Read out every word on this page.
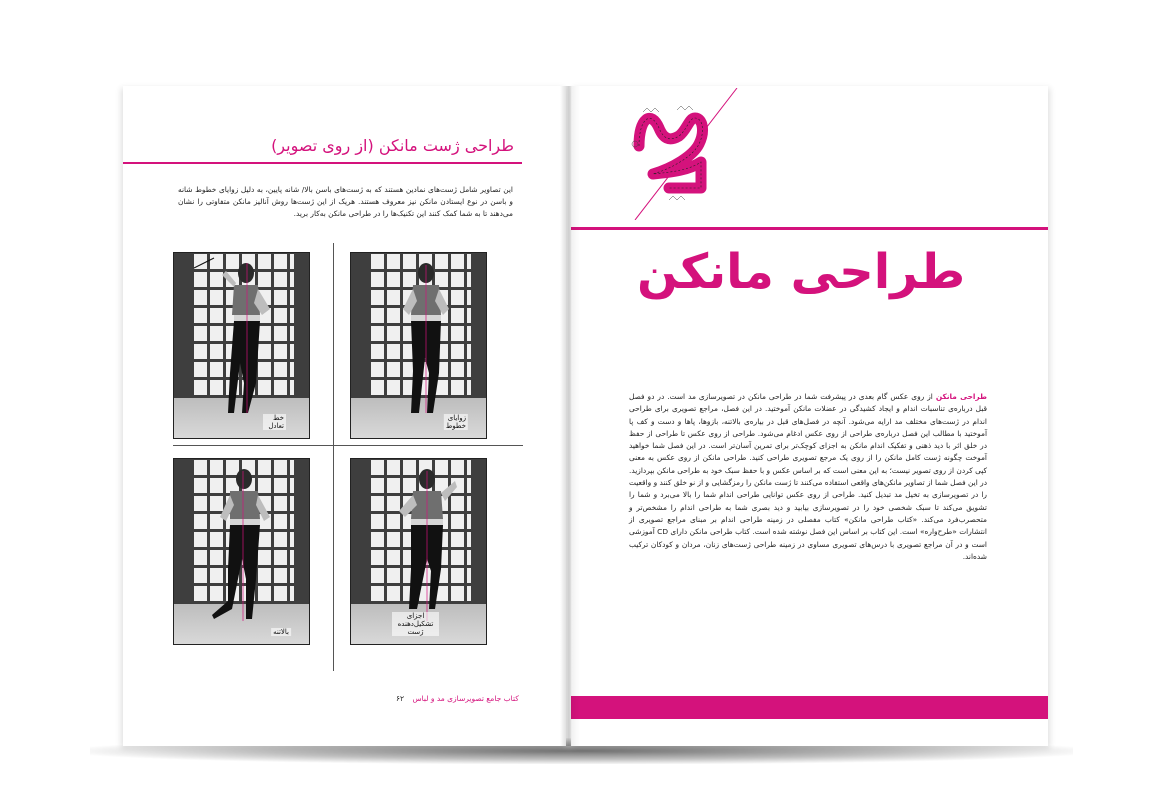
طراحی ژست مانکن (از روی تصویر)
این تصاویر شامل ژست‌های نمادین هستند که به ژست‌های باسن بالا/ شانه پایین، به دلیل زوایای خطوط شانه و باسن در نوع ایستادن مانکن نیز معروف هستند. هریک از این ژست‌ها روش آنالیز مانکن متفاوتی را نشان می‌دهند تا به شما کمک کنند این تکنیک‌ها را در طراحی مانکن به‌کار برید.
خط تعادل
زوایای خطوط
بالاتنه
اجزای تشکیل‌دهنده ژست
کتاب جامع تصویرسازی مد و لباس ۶۲
طراحی مانکن
طراحی مانکن از روی عکس گام بعدی در پیشرفت شما در طراحی مانکن در تصویرسازی مد است. در دو فصل قبل درباره‌ی تناسبات اندام و ایجاد کشیدگی در عضلات مانکن آموختید. در این فصل، مراجع تصویری برای طراحی اندام در ژست‌های مختلف مد ارایه می‌شود. آنچه در فصل‌های قبل در بیاره‌ی بالاتنه، بازوها، پاها و دست و کف پا آموختید با مطالب این فصل درباره‌ی طراحی از روی عکس ادغام می‌شود. طراحی از روی عکس تا طراحی از حفظ در خلق اثر با دید ذهنی و تفکیک اندام مانکن به اجزای کوچک‌تر برای تمرین آسان‌تر است. در این فصل شما خواهید آموخت چگونه ژست کامل مانکن را از روی یک مرجع تصویری طراحی کنید. طراحی مانکن از روی عکس به معنی کپی کردن از روی تصویر نیست؛ به این معنی است که بر اساس عکس و با حفظ سبک خود به طراحی مانکن بپردازید. در این فصل شما از تصاویر مانکن‌های واقعی استفاده می‌کنند تا ژست مانکن را رمزگشایی و از نو خلق کنند و واقعیت را در تصویرسازی به تخیل مد تبدیل کنید. طراحی از روی عکس توانایی طراحی اندام شما را بالا می‌برد و شما را تشویق می‌کند تا سبک شخصی خود را در تصویرسازی بیابید و دید بصری شما به طراحی اندام را مشخص‌تر و متحصرب‌فرد می‌کند. «کتاب طراحی مانکن» کتاب مفصلی در زمینه طراحی اندام بر مبنای مراجع تصویری از انتشارات «طرح‌واره» است. این کتاب بر اساس این فصل نوشته شده است. کتاب طراحی مانکن دارای CD آموزشی است و در آن مراجع تصویری با درس‌های تصویری مساوی در زمینه طراحی ژست‌های زنان، مردان و کودکان ترکیب شده‌اند.
